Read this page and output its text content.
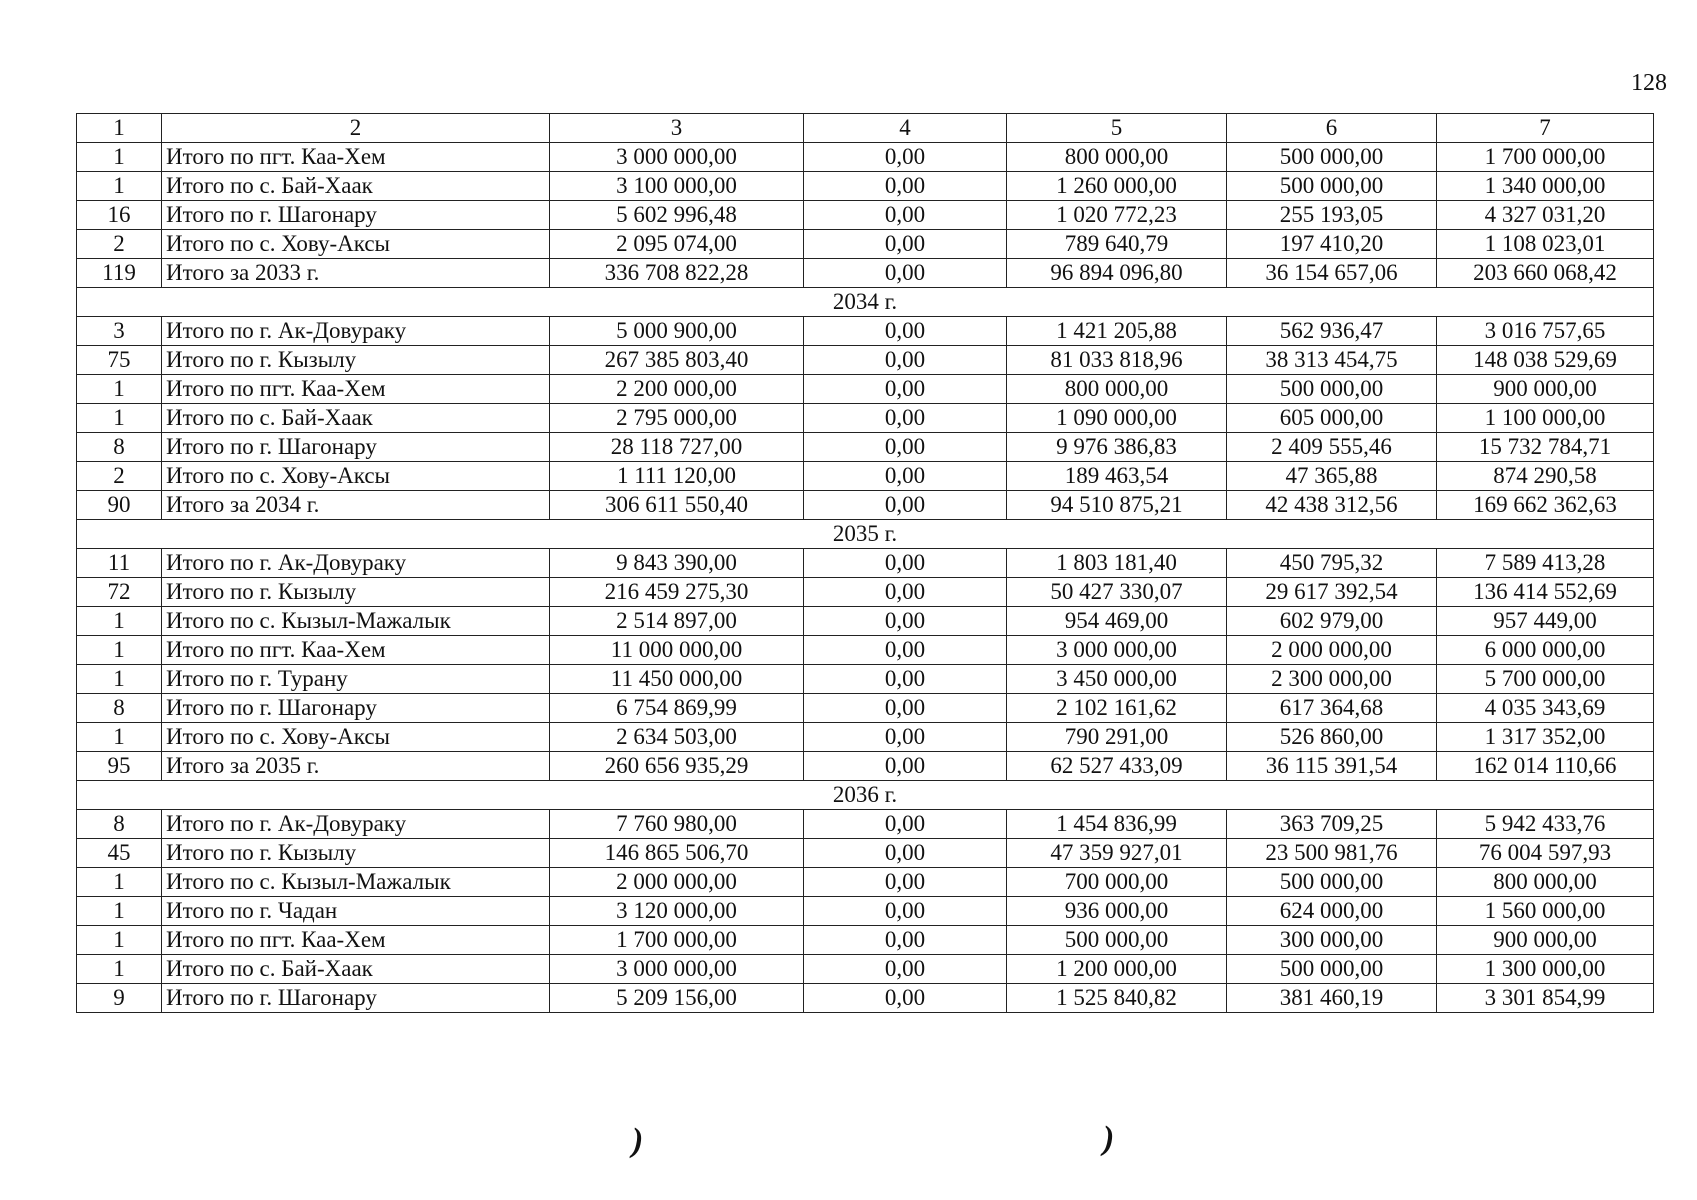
128
1	2	3	4	5	6	7
1	Итого по пгт. Каа-Хем	3 000 000,00	0,00	800 000,00	500 000,00	1 700 000,00
1	Итого по с. Бай-Хаак	3 100 000,00	0,00	1 260 000,00	500 000,00	1 340 000,00
16	Итого по г. Шагонару	5 602 996,48	0,00	1 020 772,23	255 193,05	4 327 031,20
2	Итого по с. Хову-Аксы	2 095 074,00	0,00	789 640,79	197 410,20	1 108 023,01
119	Итого за 2033 г.	336 708 822,28	0,00	96 894 096,80	36 154 657,06	203 660 068,42
2034 г.						
3	Итого по г. Ак-Довураку	5 000 900,00	0,00	1 421 205,88	562 936,47	3 016 757,65
75	Итого по г. Кызылу	267 385 803,40	0,00	81 033 818,96	38 313 454,75	148 038 529,69
1	Итого по пгт. Каа-Хем	2 200 000,00	0,00	800 000,00	500 000,00	900 000,00
1	Итого по с. Бай-Хаак	2 795 000,00	0,00	1 090 000,00	605 000,00	1 100 000,00
8	Итого по г. Шагонару	28 118 727,00	0,00	9 976 386,83	2 409 555,46	15 732 784,71
2	Итого по с. Хову-Аксы	1 111 120,00	0,00	189 463,54	47 365,88	874 290,58
90	Итого за 2034 г.	306 611 550,40	0,00	94 510 875,21	42 438 312,56	169 662 362,63
2035 г.						
11	Итого по г. Ак-Довураку	9 843 390,00	0,00	1 803 181,40	450 795,32	7 589 413,28
72	Итого по г. Кызылу	216 459 275,30	0,00	50 427 330,07	29 617 392,54	136 414 552,69
1	Итого по с. Кызыл-Мажалык	2 514 897,00	0,00	954 469,00	602 979,00	957 449,00
1	Итого по пгт. Каа-Хем	11 000 000,00	0,00	3 000 000,00	2 000 000,00	6 000 000,00
1	Итого по г. Турану	11 450 000,00	0,00	3 450 000,00	2 300 000,00	5 700 000,00
8	Итого по г. Шагонару	6 754 869,99	0,00	2 102 161,62	617 364,68	4 035 343,69
1	Итого по с. Хову-Аксы	2 634 503,00	0,00	790 291,00	526 860,00	1 317 352,00
95	Итого за 2035 г.	260 656 935,29	0,00	62 527 433,09	36 115 391,54	162 014 110,66
2036 г.						
8	Итого по г. Ак-Довураку	7 760 980,00	0,00	1 454 836,99	363 709,25	5 942 433,76
45	Итого по г. Кызылу	146 865 506,70	0,00	47 359 927,01	23 500 981,76	76 004 597,93
1	Итого по с. Кызыл-Мажалык	2 000 000,00	0,00	700 000,00	500 000,00	800 000,00
1	Итого по г. Чадан	3 120 000,00	0,00	936 000,00	624 000,00	1 560 000,00
1	Итого по пгт. Каа-Хем	1 700 000,00	0,00	500 000,00	300 000,00	900 000,00
1	Итого по с. Бай-Хаак	3 000 000,00	0,00	1 200 000,00	500 000,00	1 300 000,00
9	Итого по г. Шагонару	5 209 156,00	0,00	1 525 840,82	381 460,19	3 301 854,99
)	)
